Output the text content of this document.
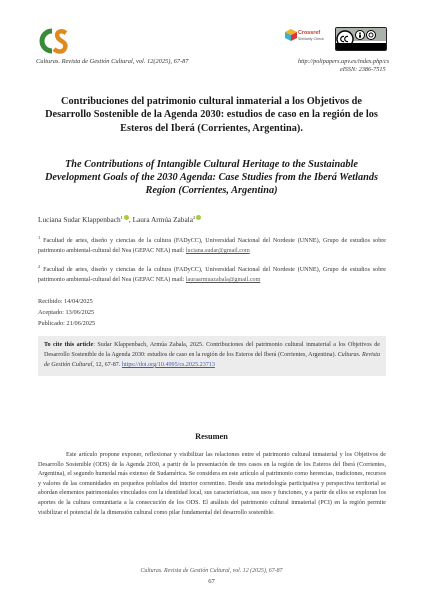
Culturas. Revista de Gestión Cultural, vol. 12(2025), 67-87
Crossref
Similarity Check
http://polipapers.upv.es/index.php/cs
eISSN: 2386-7515
Contribuciones del patrimonio cultural inmaterial a los Objetivos de Desarrollo Sostenible de la Agenda 2030: estudios de caso en la región de los Esteros del Iberá (Corrientes, Argentina).
The Contributions of Intangible Cultural Heritage to the Sustainable Development Goals of the 2030 Agenda: Case Studies from the Iberá Wetlands Region (Corrientes, Argentina)
Luciana Sudar Klappenbach$^1$ , Laura Armúa Zabala$^2$
$^1$ Facultad de artes, diseño y ciencias de la cultura (FADyCC), Universidad Nacional del Nordeste (UNNE), Grupo de estudios sobre patrimonio ambiental-cultural del Nea (GEPAC NEA) mail: luciana.sudar@gmail.com
$^2$ Facultad de artes, diseño y ciencias de la cultura (FADyCC), Universidad Nacional del Nordeste (UNNE), Grupo de estudios sobre patrimonio ambiental-cultural del Nea (GEPAC NEA) mail: lauraarmuazabala@gmail.com
Recibido: 14/04/2025
Aceptado: 13/06/2025
Publicado: 21/06/2025
To cite this article: Sudar Klappenbach, Armúa Zabala, 2025. Contribuciones del patrimonio cultural inmaterial a los Objetivos de Desarrollo Sostenible de la Agenda 2030: estudios de caso en la región de los Esteros del Iberá (Corrientes, Argentina). Culturas. Revista de Gestión Cultural, 12, 67-87. https://doi.org/10.4995/cs.2025.23713
Resumen
Este artículo propone exponer, reflexionar y visibilizar las relaciones entre el patrimonio cultural inmaterial y los Objetivos de Desarrollo Sostenible (ODS) de la Agenda 2030, a partir de la presentación de tres casos en la región de los Esteros del Iberá (Corrientes, Argentina), el segundo humedal más extenso de Sudamérica. Se considera en este artículo al patrimonio como herencias, tradiciones, recursos y valores de las comunidades en pequeños poblados del interior correntino. Desde una metodología participativa y perspectiva territorial se abordan elementos patrimoniales vinculados con la identidad local, sus características, sus usos y funciones, y a partir de ellos se exploran los aportes de la cultura comunitaria a la consecución de los ODS. El análisis del patrimonio cultural inmaterial (PCI) en la región permite visibilizar el potencial de la dimensión cultural como pilar fundamental del desarrollo sostenible.
Culturas. Revista de Gestión Cultural, vol. 12 (2025), 67-87
67
